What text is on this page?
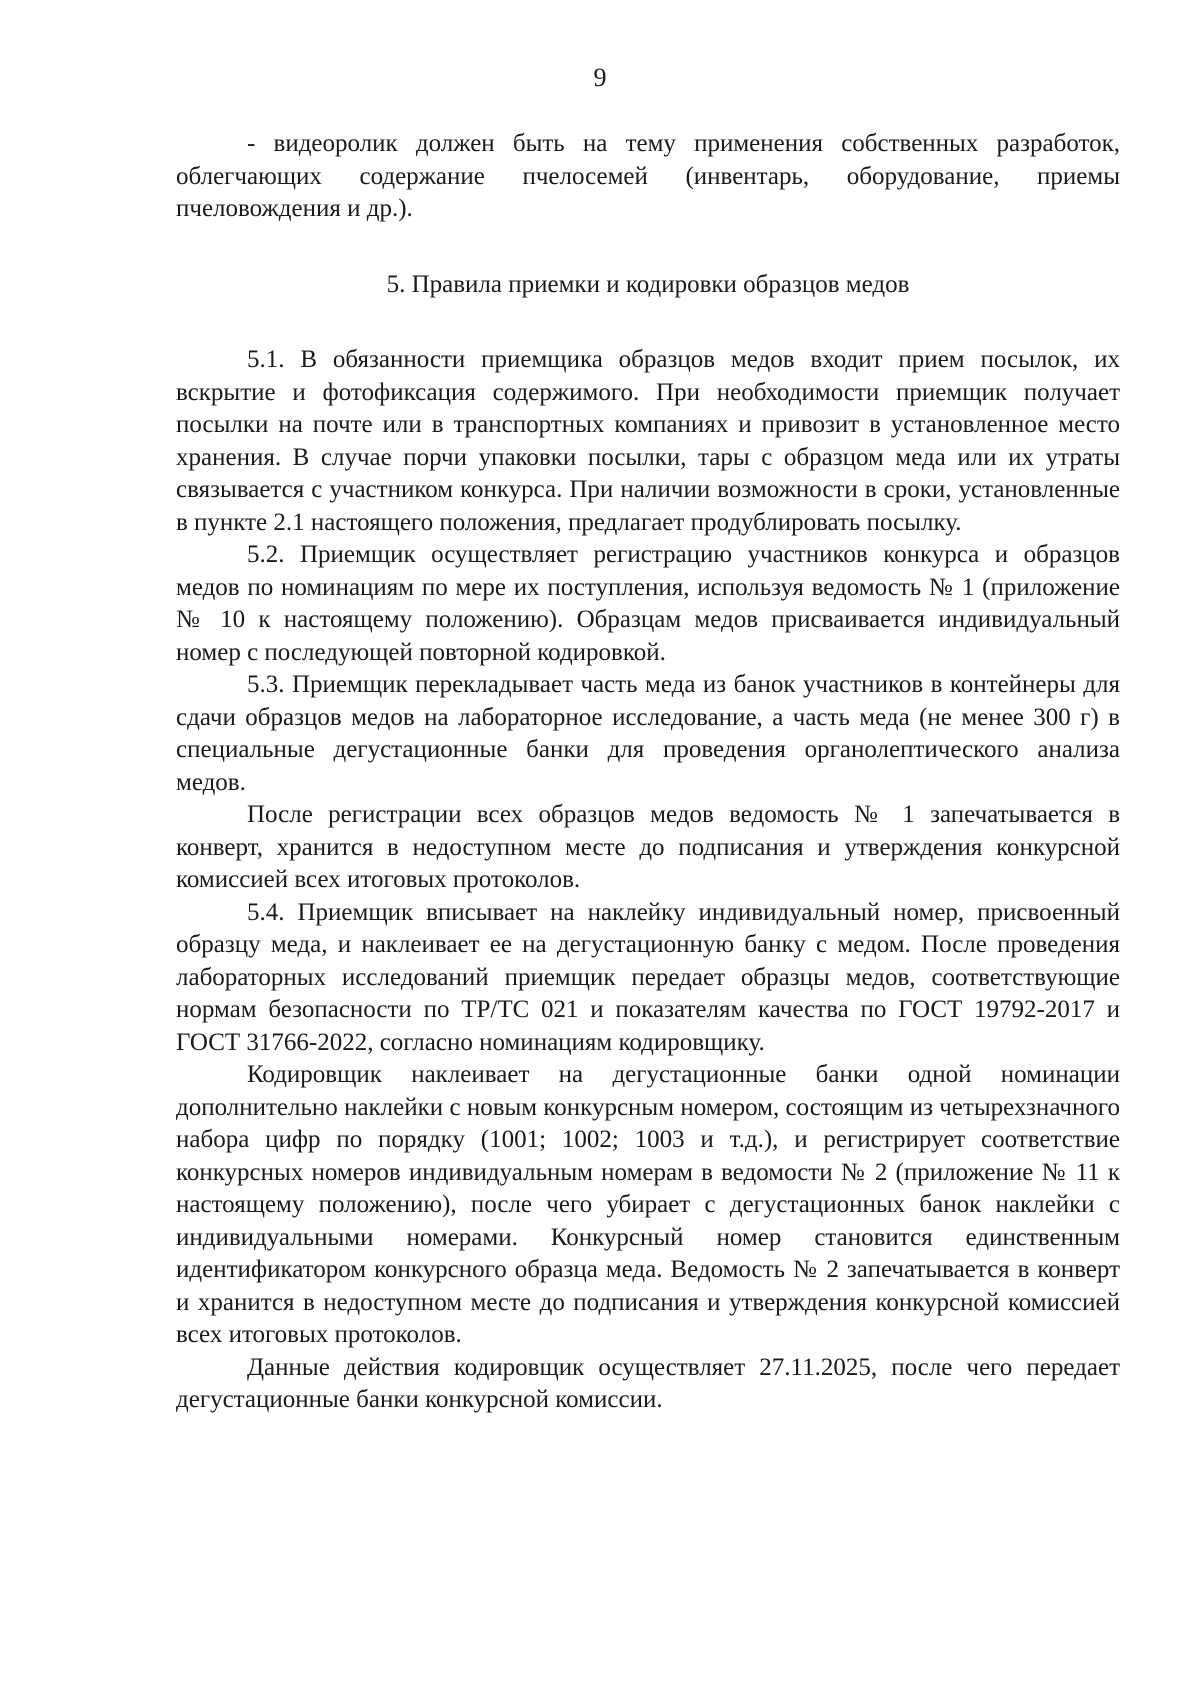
9

- видеоролик должен быть на тему применения собственных разработок, облегчающих содержание пчелосемей (инвентарь, оборудование, приемы пчеловождения и др.).

5. Правила приемки и кодировки образцов медов

5.1. В обязанности приемщика образцов медов входит прием посылок, их вскрытие и фотофиксация содержимого. При необходимости приемщик получает посылки на почте или в транспортных компаниях и привозит в установленное место хранения. В случае порчи упаковки посылки, тары с образцом меда или их утраты связывается с участником конкурса. При наличии возможности в сроки, установленные в пункте 2.1 настоящего положения, предлагает продублировать посылку.

5.2. Приемщик осуществляет регистрацию участников конкурса и образцов медов по номинациям по мере их поступления, используя ведомость № 1 (приложение № 10 к настоящему положению). Образцам медов присваивается индивидуальный номер с последующей повторной кодировкой.

5.3. Приемщик перекладывает часть меда из банок участников в контейнеры для сдачи образцов медов на лабораторное исследование, а часть меда (не менее 300 г) в специальные дегустационные банки для проведения органолептического анализа медов.

После регистрации всех образцов медов ведомость № 1 запечатывается в конверт, хранится в недоступном месте до подписания и утверждения конкурсной комиссией всех итоговых протоколов.

5.4. Приемщик вписывает на наклейку индивидуальный номер, присвоенный образцу меда, и наклеивает ее на дегустационную банку с медом. После проведения лабораторных исследований приемщик передает образцы медов, соответствующие нормам безопасности по ТР/ТС 021 и показателям качества по ГОСТ 19792-2017 и ГОСТ 31766-2022, согласно номинациям кодировщику.

Кодировщик наклеивает на дегустационные банки одной номинации дополнительно наклейки с новым конкурсным номером, состоящим из четырехзначного набора цифр по порядку (1001; 1002; 1003 и т.д.), и регистрирует соответствие конкурсных номеров индивидуальным номерам в ведомости № 2 (приложение № 11 к настоящему положению), после чего убирает с дегустационных банок наклейки с индивидуальными номерами. Конкурсный номер становится единственным идентификатором конкурсного образца меда. Ведомость № 2 запечатывается в конверт и хранится в недоступном месте до подписания и утверждения конкурсной комиссией всех итоговых протоколов.

Данные действия кодировщик осуществляет 27.11.2025, после чего передает дегустационные банки конкурсной комиссии.
